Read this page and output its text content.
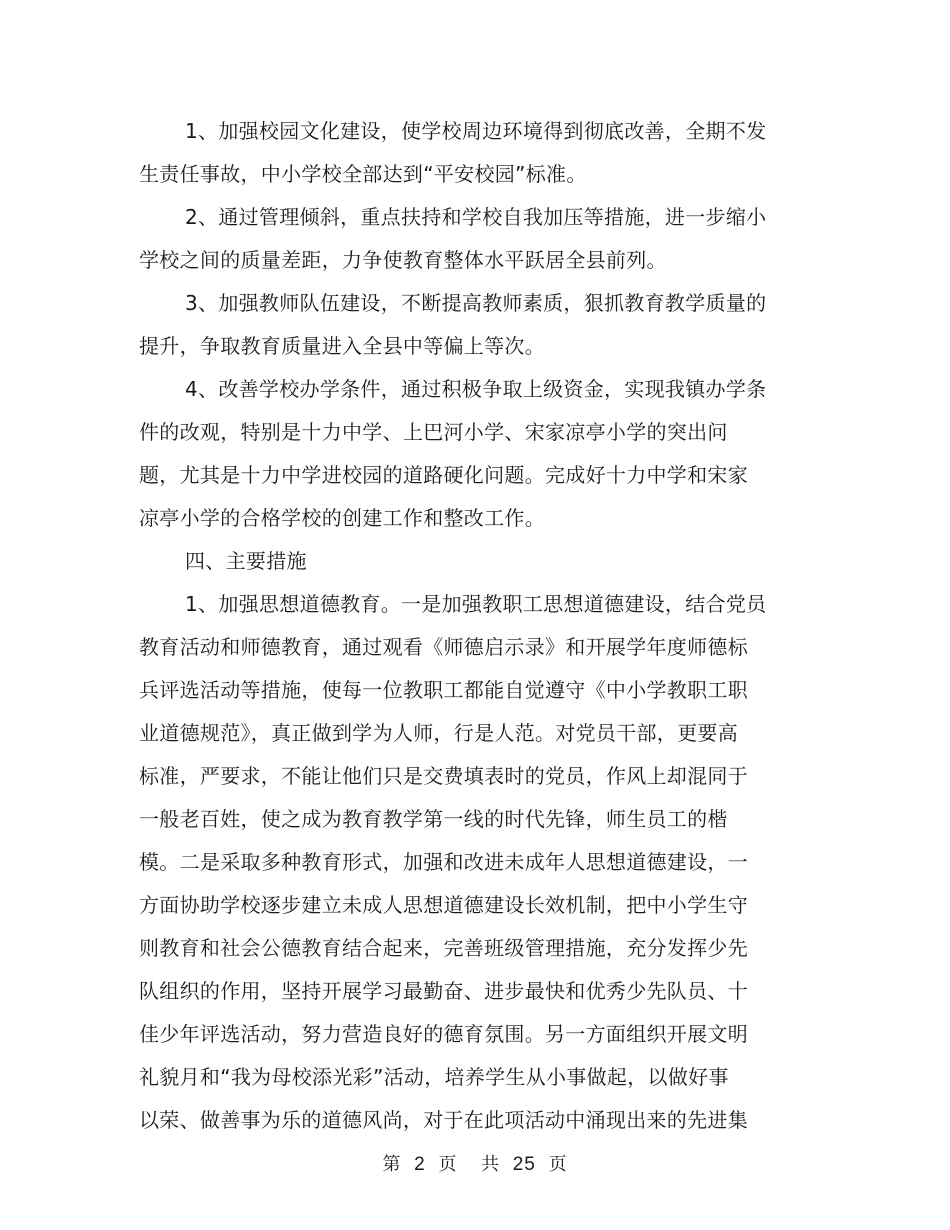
1、加强校园文化建设，使学校周边环境得到彻底改善，全期不发
生责任事故，中小学校全部达到“平安校园”标准。
2、通过管理倾斜，重点扶持和学校自我加压等措施，进一步缩小
学校之间的质量差距，力争使教育整体水平跃居全县前列。
3、加强教师队伍建设，不断提高教师素质，狠抓教育教学质量的
提升，争取教育质量进入全县中等偏上等次。
4、改善学校办学条件，通过积极争取上级资金，实现我镇办学条
件的改观，特别是十力中学、上巴河小学、宋家凉亭小学的突出问
题，尤其是十力中学进校园的道路硬化问题。完成好十力中学和宋家
凉亭小学的合格学校的创建工作和整改工作。
四、主要措施
1、加强思想道德教育。一是加强教职工思想道德建设，结合党员
教育活动和师德教育，通过观看《师德启示录》和开展学年度师德标
兵评选活动等措施，使每一位教职工都能自觉遵守《中小学教职工职
业道德规范》，真正做到学为人师，行是人范。对党员干部，更要高
标准，严要求，不能让他们只是交费填表时的党员，作风上却混同于
一般老百姓，使之成为教育教学第一线的时代先锋，师生员工的楷
模。二是采取多种教育形式，加强和改进未成年人思想道德建设，一
方面协助学校逐步建立未成人思想道德建设长效机制，把中小学生守
则教育和社会公德教育结合起来，完善班级管理措施，充分发挥少先
队组织的作用，坚持开展学习最勤奋、进步最快和优秀少先队员、十
佳少年评选活动，努力营造良好的德育氛围。另一方面组织开展文明
礼貌月和“我为母校添光彩”活动，培养学生从小事做起，以做好事
以荣、做善事为乐的道德风尚，对于在此项活动中涌现出来的先进集
第 2 页 共 25 页
